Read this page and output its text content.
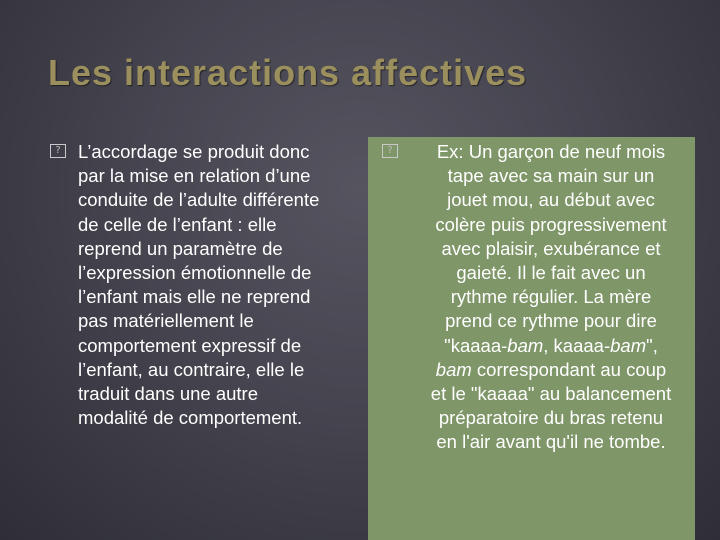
Les interactions affectives
? L’accordage se produit donc
par la mise en relation d’une
conduite de l’adulte différente
de celle de l’enfant : elle
reprend un paramètre de
l’expression émotionnelle de
l’enfant mais elle ne reprend
pas matériellement le
comportement expressif de
l’enfant, au contraire, elle le
traduit dans une autre
modalité de comportement.
?	Ex: Un garçon de neuf mois
tape avec sa main sur un
jouet mou, au début avec
colère puis progressivement
avec plaisir, exubérance et
gaieté. Il le fait avec un
rythme régulier. La mère
prend ce rythme pour dire
"kaaaa-bam, kaaaa-bam",
bam correspondant au coup
et le "kaaaa" au balancement
préparatoire du bras retenu
en l'air avant qu'il ne tombe.
